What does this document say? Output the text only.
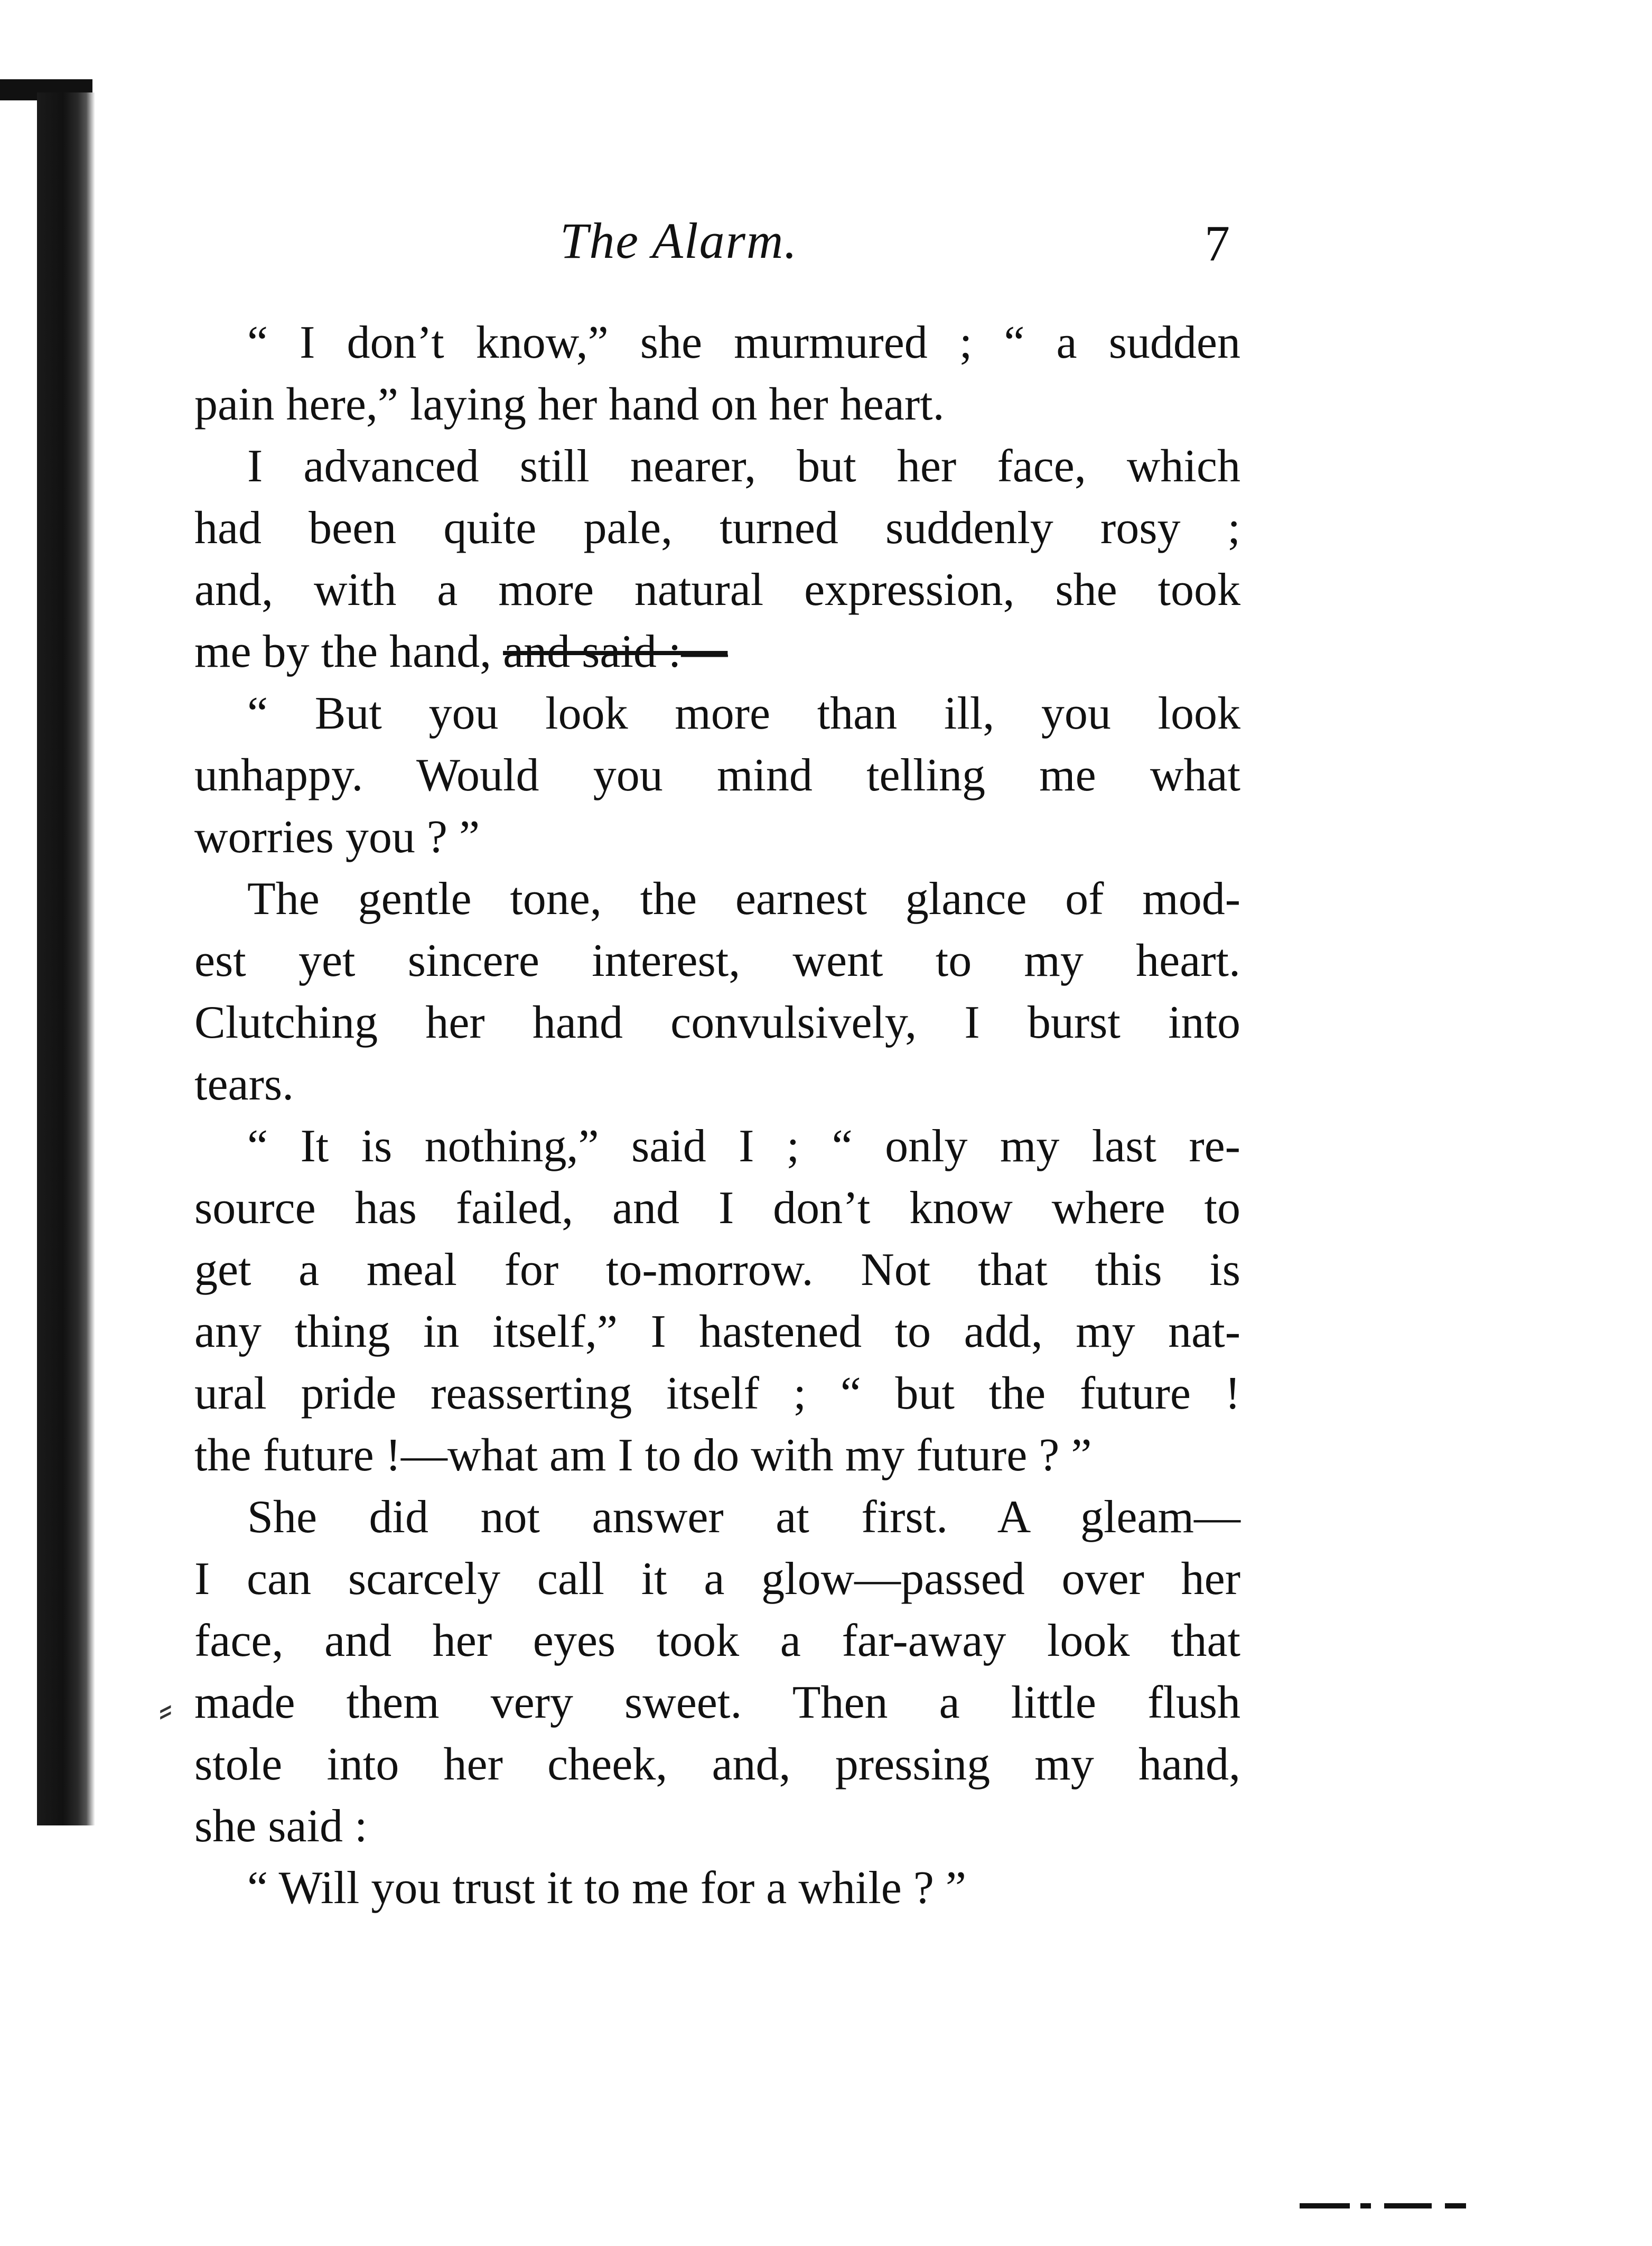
The Alarm.	7
“ I don’t know,” she murmured ; “ a sudden
pain here,” laying her hand on her heart.
I advanced still nearer, but her face, which
had been quite pale, turned suddenly rosy ;
and, with a more natural expression, she took
me by the hand, and said :—
“ But you look more than ill, you look
unhappy. Would you mind telling me what
worries you ? ”
The gentle tone, the earnest glance of mod-
est yet sincere interest, went to my heart.
Clutching her hand convulsively, I burst into
tears.
“ It is nothing,” said I ; “ only my last re-
source has failed, and I don’t know where to
get a meal for to-morrow. Not that this is
any thing in itself,” I hastened to add, my nat-
ural pride reasserting itself ; “ but the future !
the future !—what am I to do with my future ? ”
She did not answer at first. A gleam—
I can scarcely call it a glow—passed over her
face, and her eyes took a far-away look that
made them very sweet. Then a little flush
stole into her cheek, and, pressing my hand,
she said :
“ Will you trust it to me for a while ? ”
⸗
